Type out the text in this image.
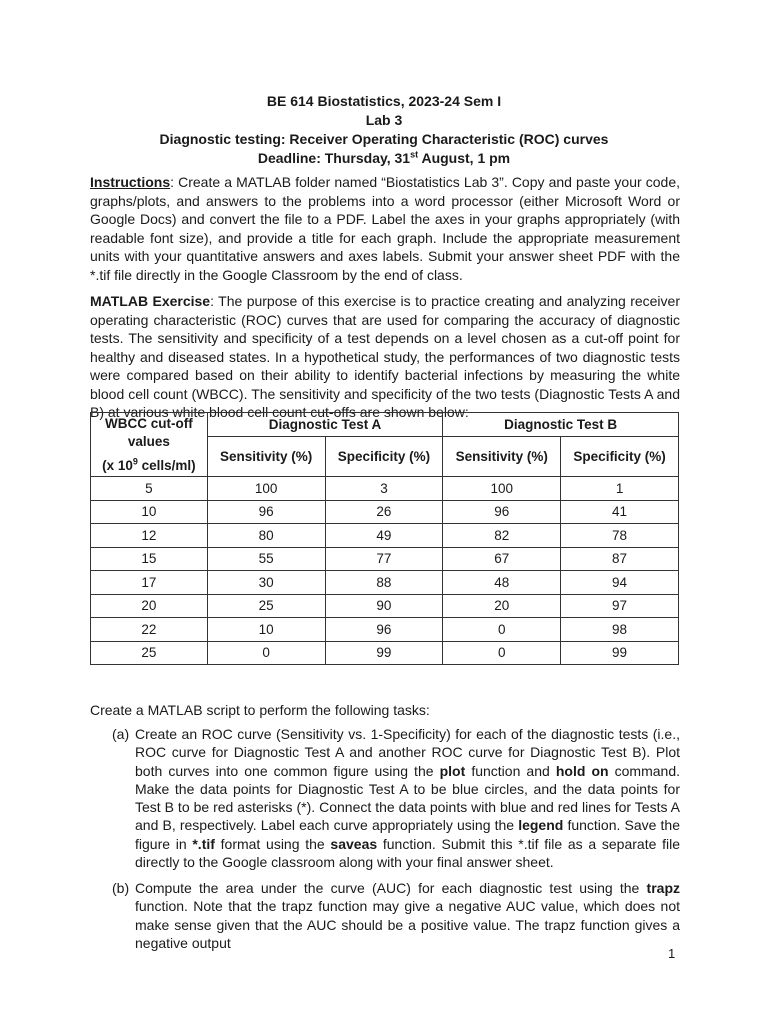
BE 614 Biostatistics, 2023-24 Sem I
Lab 3
Diagnostic testing: Receiver Operating Characteristic (ROC) curves
Deadline: Thursday, 31st August, 1 pm
Instructions: Create a MATLAB folder named “Biostatistics Lab 3”. Copy and paste your code, graphs/plots, and answers to the problems into a word processor (either Microsoft Word or Google Docs) and convert the file to a PDF. Label the axes in your graphs appropriately (with readable font size), and provide a title for each graph. Include the appropriate measurement units with your quantitative answers and axes labels. Submit your answer sheet PDF with the *.tif file directly in the Google Classroom by the end of class.
MATLAB Exercise: The purpose of this exercise is to practice creating and analyzing receiver operating characteristic (ROC) curves that are used for comparing the accuracy of diagnostic tests. The sensitivity and specificity of a test depends on a level chosen as a cut-off point for healthy and diseased states. In a hypothetical study, the performances of two diagnostic tests were compared based on their ability to identify bacterial infections by measuring the white blood cell count (WBCC). The sensitivity and specificity of the two tests (Diagnostic Tests A and B) at various white blood cell count cut-offs are shown below:
WBCC cut-off
values
(x $10^9$ cells/ml)	Diagnostic Test A		Diagnostic Test B	
	Sensitivity (%)	Specificity (%)	Sensitivity (%)	Specificity (%)
5	100	3	100	1
10	96	26	96	41
12	80	49	82	78
15	55	77	67	87
17	30	88	48	94
20	25	90	20	97
22	10	96	0	98
25	0	99	0	99
Create a MATLAB script to perform the following tasks:
(a) Create an ROC curve (Sensitivity vs. 1-Specificity) for each of the diagnostic tests (i.e., ROC curve for Diagnostic Test A and another ROC curve for Diagnostic Test B). Plot both curves into one common figure using the plot function and hold on command. Make the data points for Diagnostic Test A to be blue circles, and the data points for Test B to be red asterisks (*). Connect the data points with blue and red lines for Tests A and B, respectively. Label each curve appropriately using the legend function. Save the figure in *.tif format using the saveas function. Submit this *.tif file as a separate file directly to the Google classroom along with your final answer sheet.
(b) Compute the area under the curve (AUC) for each diagnostic test using the trapz function. Note that the trapz function may give a negative AUC value, which does not make sense given that the AUC should be a positive value. The trapz function gives a negative output
1
